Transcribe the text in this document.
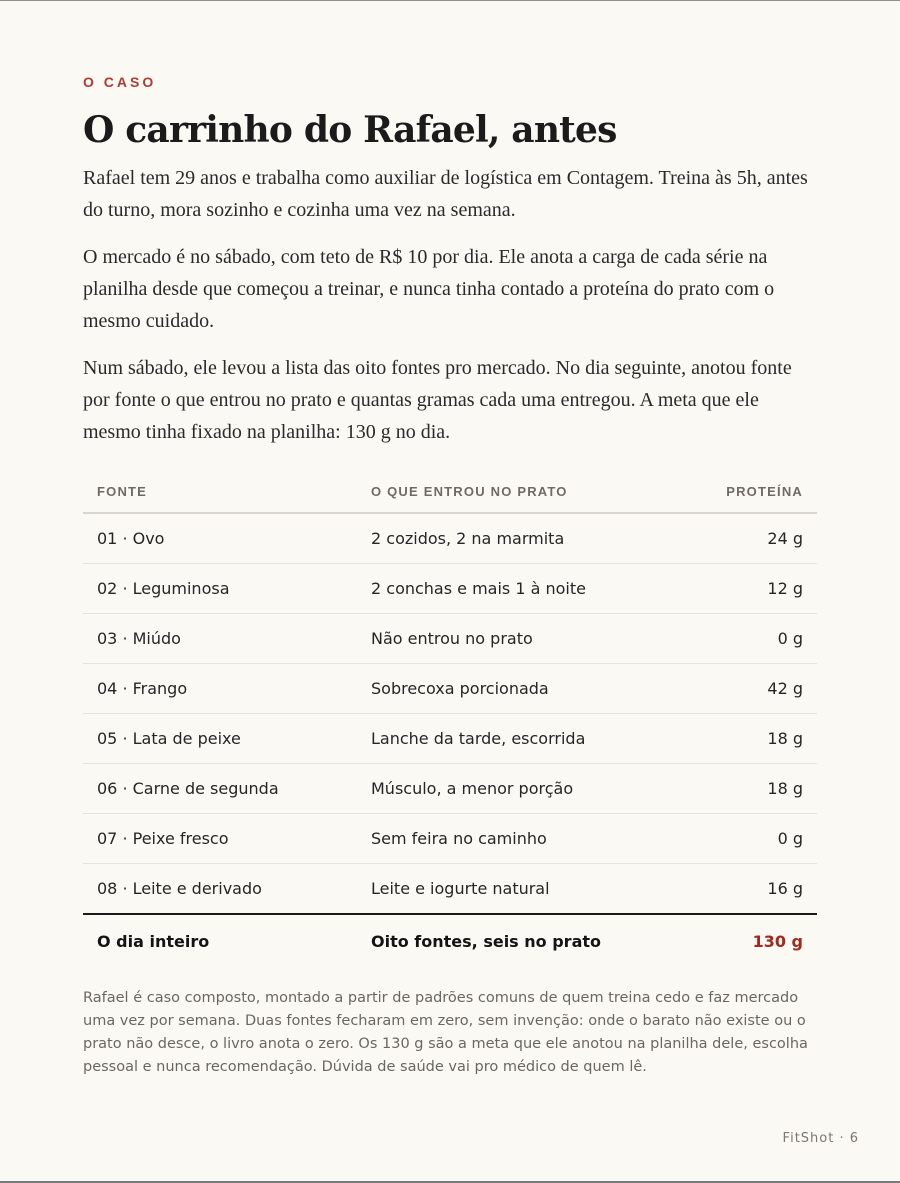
O CASO

O carrinho do Rafael, antes

Rafael tem 29 anos e trabalha como auxiliar de logística em Contagem. Treina às 5h, antes do turno, mora sozinho e cozinha uma vez na semana.

O mercado é no sábado, com teto de R$ 10 por dia. Ele anota a carga de cada série na planilha desde que começou a treinar, e nunca tinha contado a proteína do prato com o mesmo cuidado.

Num sábado, ele levou a lista das oito fontes pro mercado. No dia seguinte, anotou fonte por fonte o que entrou no prato e quantas gramas cada uma entregou. A meta que ele mesmo tinha fixado na planilha: 130 g no dia.

FONTE	O QUE ENTROU NO PRATO	PROTEÍNA
01 · Ovo	2 cozidos, 2 na marmita	24 g
02 · Leguminosa	2 conchas e mais 1 à noite	12 g
03 · Miúdo	Não entrou no prato	0 g
04 · Frango	Sobrecoxa porcionada	42 g
05 · Lata de peixe	Lanche da tarde, escorrida	18 g
06 · Carne de segunda	Músculo, a menor porção	18 g
07 · Peixe fresco	Sem feira no caminho	0 g
08 · Leite e derivado	Leite e iogurte natural	16 g
O dia inteiro	Oito fontes, seis no prato	130 g

Rafael é caso composto, montado a partir de padrões comuns de quem treina cedo e faz mercado uma vez por semana. Duas fontes fecharam em zero, sem invenção: onde o barato não existe ou o prato não desce, o livro anota o zero. Os 130 g são a meta que ele anotou na planilha dele, escolha pessoal e nunca recomendação. Dúvida de saúde vai pro médico de quem lê.

FitShot · 6
